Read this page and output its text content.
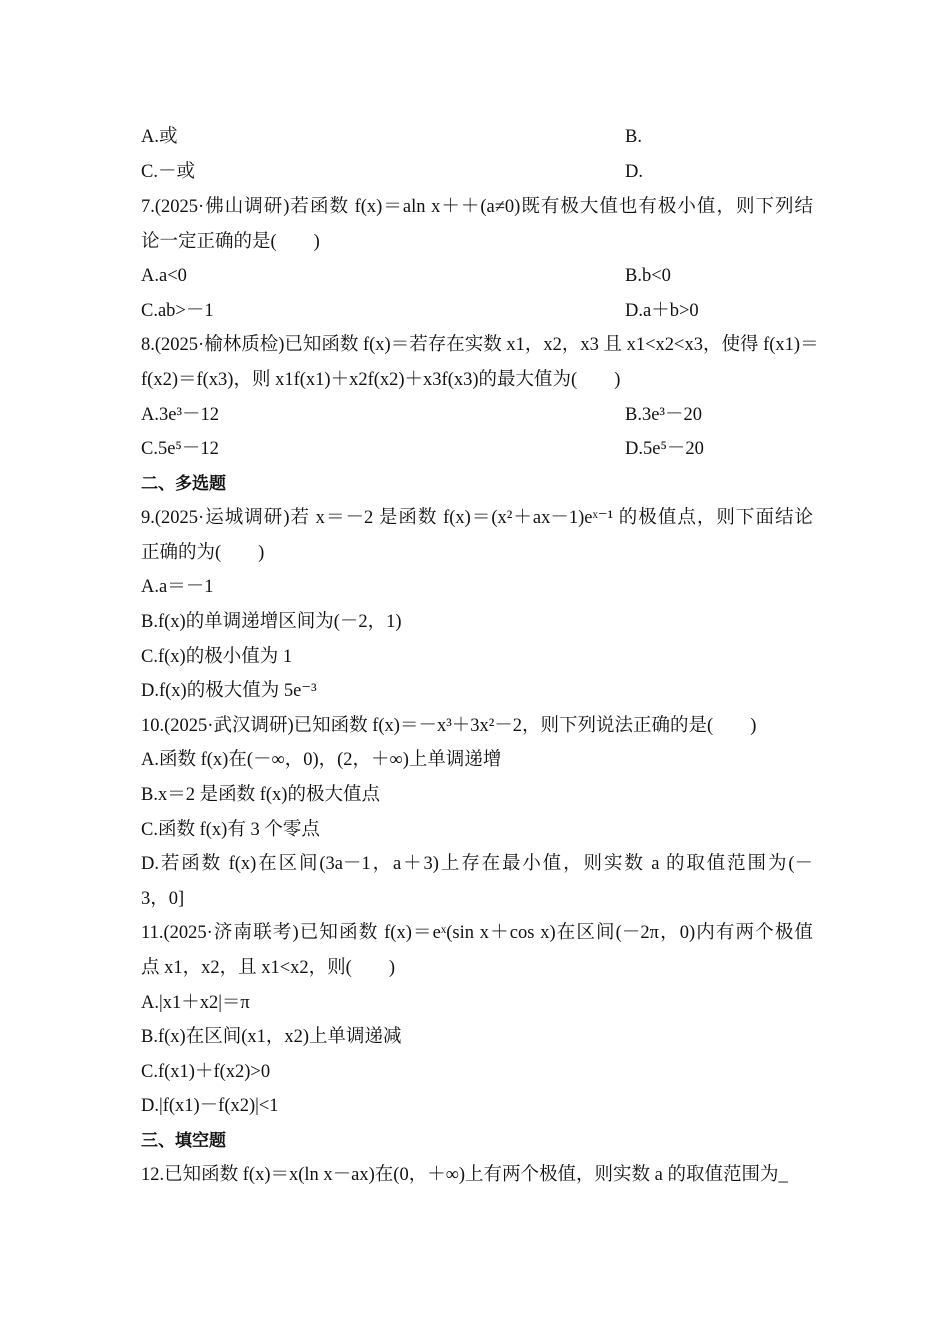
A.或	B.
C.－或	D.
7.(2025·佛山调研)若函数 f(x)＝aln x＋＋(a≠0)既有极大值也有极小值，则下列结
论一定正确的是(　　)
A.a<0	B.b<0
C.ab>－1	D.a＋b>0
8.(2025·榆林质检)已知函数 f(x)＝若存在实数 x1，x2，x3 且 x1<x2<x3，使得 f(x1)＝
f(x2)＝f(x3)，则 x1f(x1)＋x2f(x2)＋x3f(x3)的最大值为(　　)
A.3e³－12	B.3e³－20
C.5e⁵－12	D.5e⁵－20
二、多选题
9.(2025·运城调研)若 x＝－2 是函数 f(x)＝(x²＋ax－1)eˣ⁻¹ 的极值点，则下面结论
正确的为(　　)
A.a＝－1
B.f(x)的单调递增区间为(－2，1)
C.f(x)的极小值为 1
D.f(x)的极大值为 5e⁻³
10.(2025·武汉调研)已知函数 f(x)＝－x³＋3x²－2，则下列说法正确的是(　　)
A.函数 f(x)在(－∞，0)，(2，＋∞)上单调递增
B.x＝2 是函数 f(x)的极大值点
C.函数 f(x)有 3 个零点
D.若函数 f(x)在区间(3a－1，a＋3)上存在最小值，则实数 a 的取值范围为(－
3，0]
11.(2025·济南联考)已知函数 f(x)＝eˣ(sin x＋cos x)在区间(－2π，0)内有两个极值
点 x1，x2，且 x1<x2，则(　　)
A.|x1＋x2|＝π
B.f(x)在区间(x1，x2)上单调递减
C.f(x1)＋f(x2)>0
D.|f(x1)－f(x2)|<1
三、填空题
12.已知函数 f(x)＝x(ln x－ax)在(0，＋∞)上有两个极值，则实数 a 的取值范围为_
